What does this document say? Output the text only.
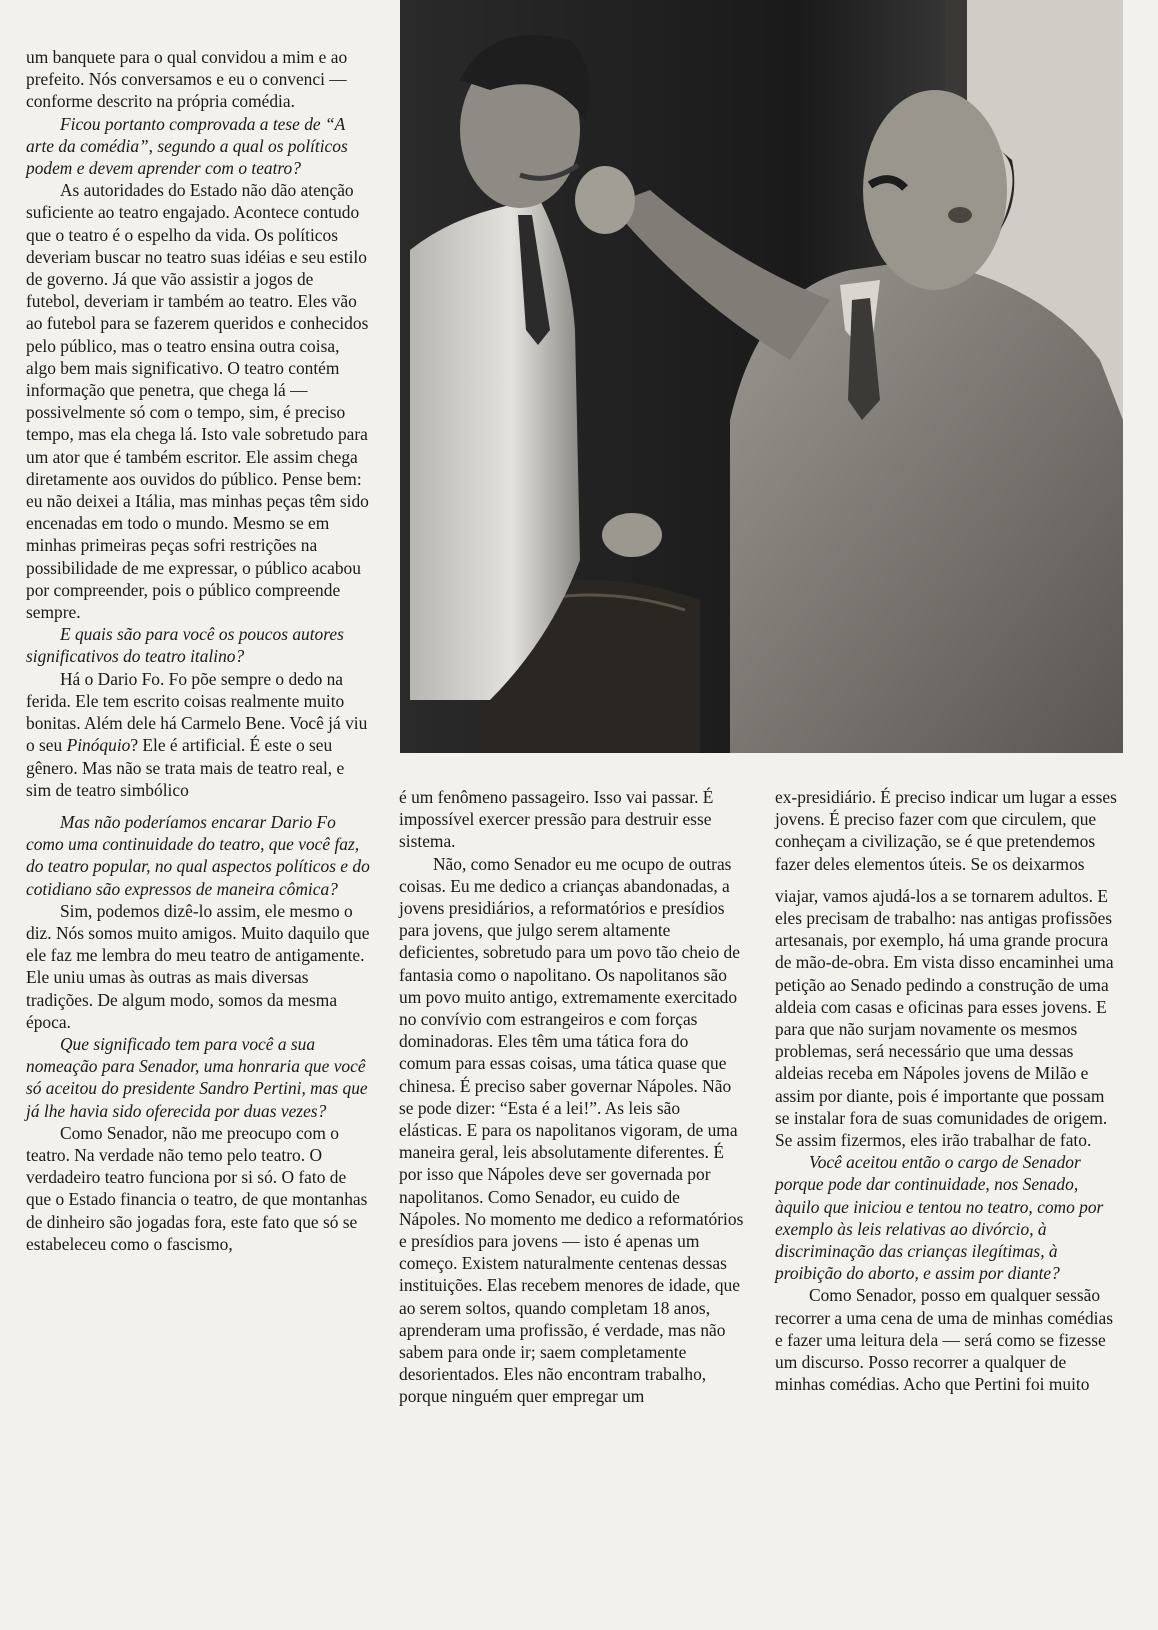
um banquete para o qual convidou a mim e ao prefeito. Nós conversamos e eu o convenci — conforme descrito na própria comédia.

Ficou portanto comprovada a tese de “A arte da comédia”, segundo a qual os políticos podem e devem aprender com o teatro?

As autoridades do Estado não dão atenção suficiente ao teatro engajado. Acontece contudo que o teatro é o espelho da vida. Os políticos deveriam buscar no teatro suas idéias e seu estilo de governo. Já que vão assistir a jogos de futebol, deveriam ir também ao teatro. Eles vão ao futebol para se fazerem queridos e conhecidos pelo público, mas o teatro ensina outra coisa, algo bem mais significativo. O teatro contém informação que penetra, que chega lá — possivelmente só com o tempo, sim, é preciso tempo, mas ela chega lá. Isto vale sobretudo para um ator que é também escritor. Ele assim chega diretamente aos ouvidos do público. Pense bem: eu não deixei a Itália, mas minhas peças têm sido encenadas em todo o mundo. Mesmo se em minhas primeiras peças sofri restrições na possibilidade de me expressar, o público acabou por compreender, pois o público compreende sempre.

E quais são para você os poucos autores significativos do teatro italino?

Há o Dario Fo. Fo põe sempre o dedo na ferida. Ele tem escrito coisas realmente muito bonitas. Além dele há Carmelo Bene. Você já viu o seu Pinóquio? Ele é artificial. É este o seu gênero. Mas não se trata mais de teatro real, e sim de teatro simbólico

Mas não poderíamos encarar Dario Fo como uma continuidade do teatro, que você faz, do teatro popular, no qual aspectos políticos e do cotidiano são expressos de maneira cômica?

Sim, podemos dizê-lo assim, ele mesmo o diz. Nós somos muito amigos. Muito daquilo que ele faz me lembra do meu teatro de antigamente. Ele uniu umas às outras as mais diversas tradições. De algum modo, somos da mesma época.

Que significado tem para você a sua nomeação para Senador, uma honraria que você só aceitou do presidente Sandro Pertini, mas que já lhe havia sido oferecida por duas vezes?

Como Senador, não me preocupo com o teatro. Na verdade não temo pelo teatro. O verdadeiro teatro funciona por si só. O fato de que o Estado financia o teatro, de que montanhas de dinheiro são jogadas fora, este fato que só se estabeleceu como o fascismo,

é um fenômeno passageiro. Isso vai passar. É impossível exercer pressão para destruir esse sistema.

Não, como Senador eu me ocupo de outras coisas. Eu me dedico a crianças abandonadas, a jovens presidiários, a reformatórios e presídios para jovens, que julgo serem altamente deficientes, sobretudo para um povo tão cheio de fantasia como o napolitano. Os napolitanos são um povo muito antigo, extremamente exercitado no convívio com estrangeiros e com forças dominadoras. Eles têm uma tática fora do comum para essas coisas, uma tática quase que chinesa. É preciso saber governar Nápoles. Não se pode dizer: “Esta é a lei!”. As leis são elásticas. E para os napolitanos vigoram, de uma maneira geral, leis absolutamente diferentes. É por isso que Nápoles deve ser governada por napolitanos. Como Senador, eu cuido de Nápoles. No momento me dedico a reformatórios e presídios para jovens — isto é apenas um começo. Existem naturalmente centenas dessas instituições. Elas recebem menores de idade, que ao serem soltos, quando completam 18 anos, aprenderam uma profissão, é verdade, mas não sabem para onde ir; saem completamente desorientados. Eles não encontram trabalho, porque ninguém quer empregar um

ex-presidiário. É preciso indicar um lugar a esses jovens. É preciso fazer com que circulem, que conheçam a civilização, se é que pretendemos fazer deles elementos úteis. Se os deixarmos

viajar, vamos ajudá-los a se tornarem adultos. E eles precisam de trabalho: nas antigas profissões artesanais, por exemplo, há uma grande procura de mão-de-obra. Em vista disso encaminhei uma petição ao Senado pedindo a construção de uma aldeia com casas e oficinas para esses jovens. E para que não surjam novamente os mesmos problemas, será necessário que uma dessas aldeias receba em Nápoles jovens de Milão e assim por diante, pois é importante que possam se instalar fora de suas comunidades de origem. Se assim fizermos, eles irão trabalhar de fato.

Você aceitou então o cargo de Senador porque pode dar continuidade, nos Senado, àquilo que iniciou e tentou no teatro, como por exemplo às leis relativas ao divórcio, à discriminação das crianças ilegítimas, à proibição do aborto, e assim por diante?

Como Senador, posso em qualquer sessão recorrer a uma cena de uma de minhas comédias e fazer uma leitura dela — será como se fizesse um discurso. Posso recorrer a qualquer de minhas comédias. Acho que Pertini foi muito
